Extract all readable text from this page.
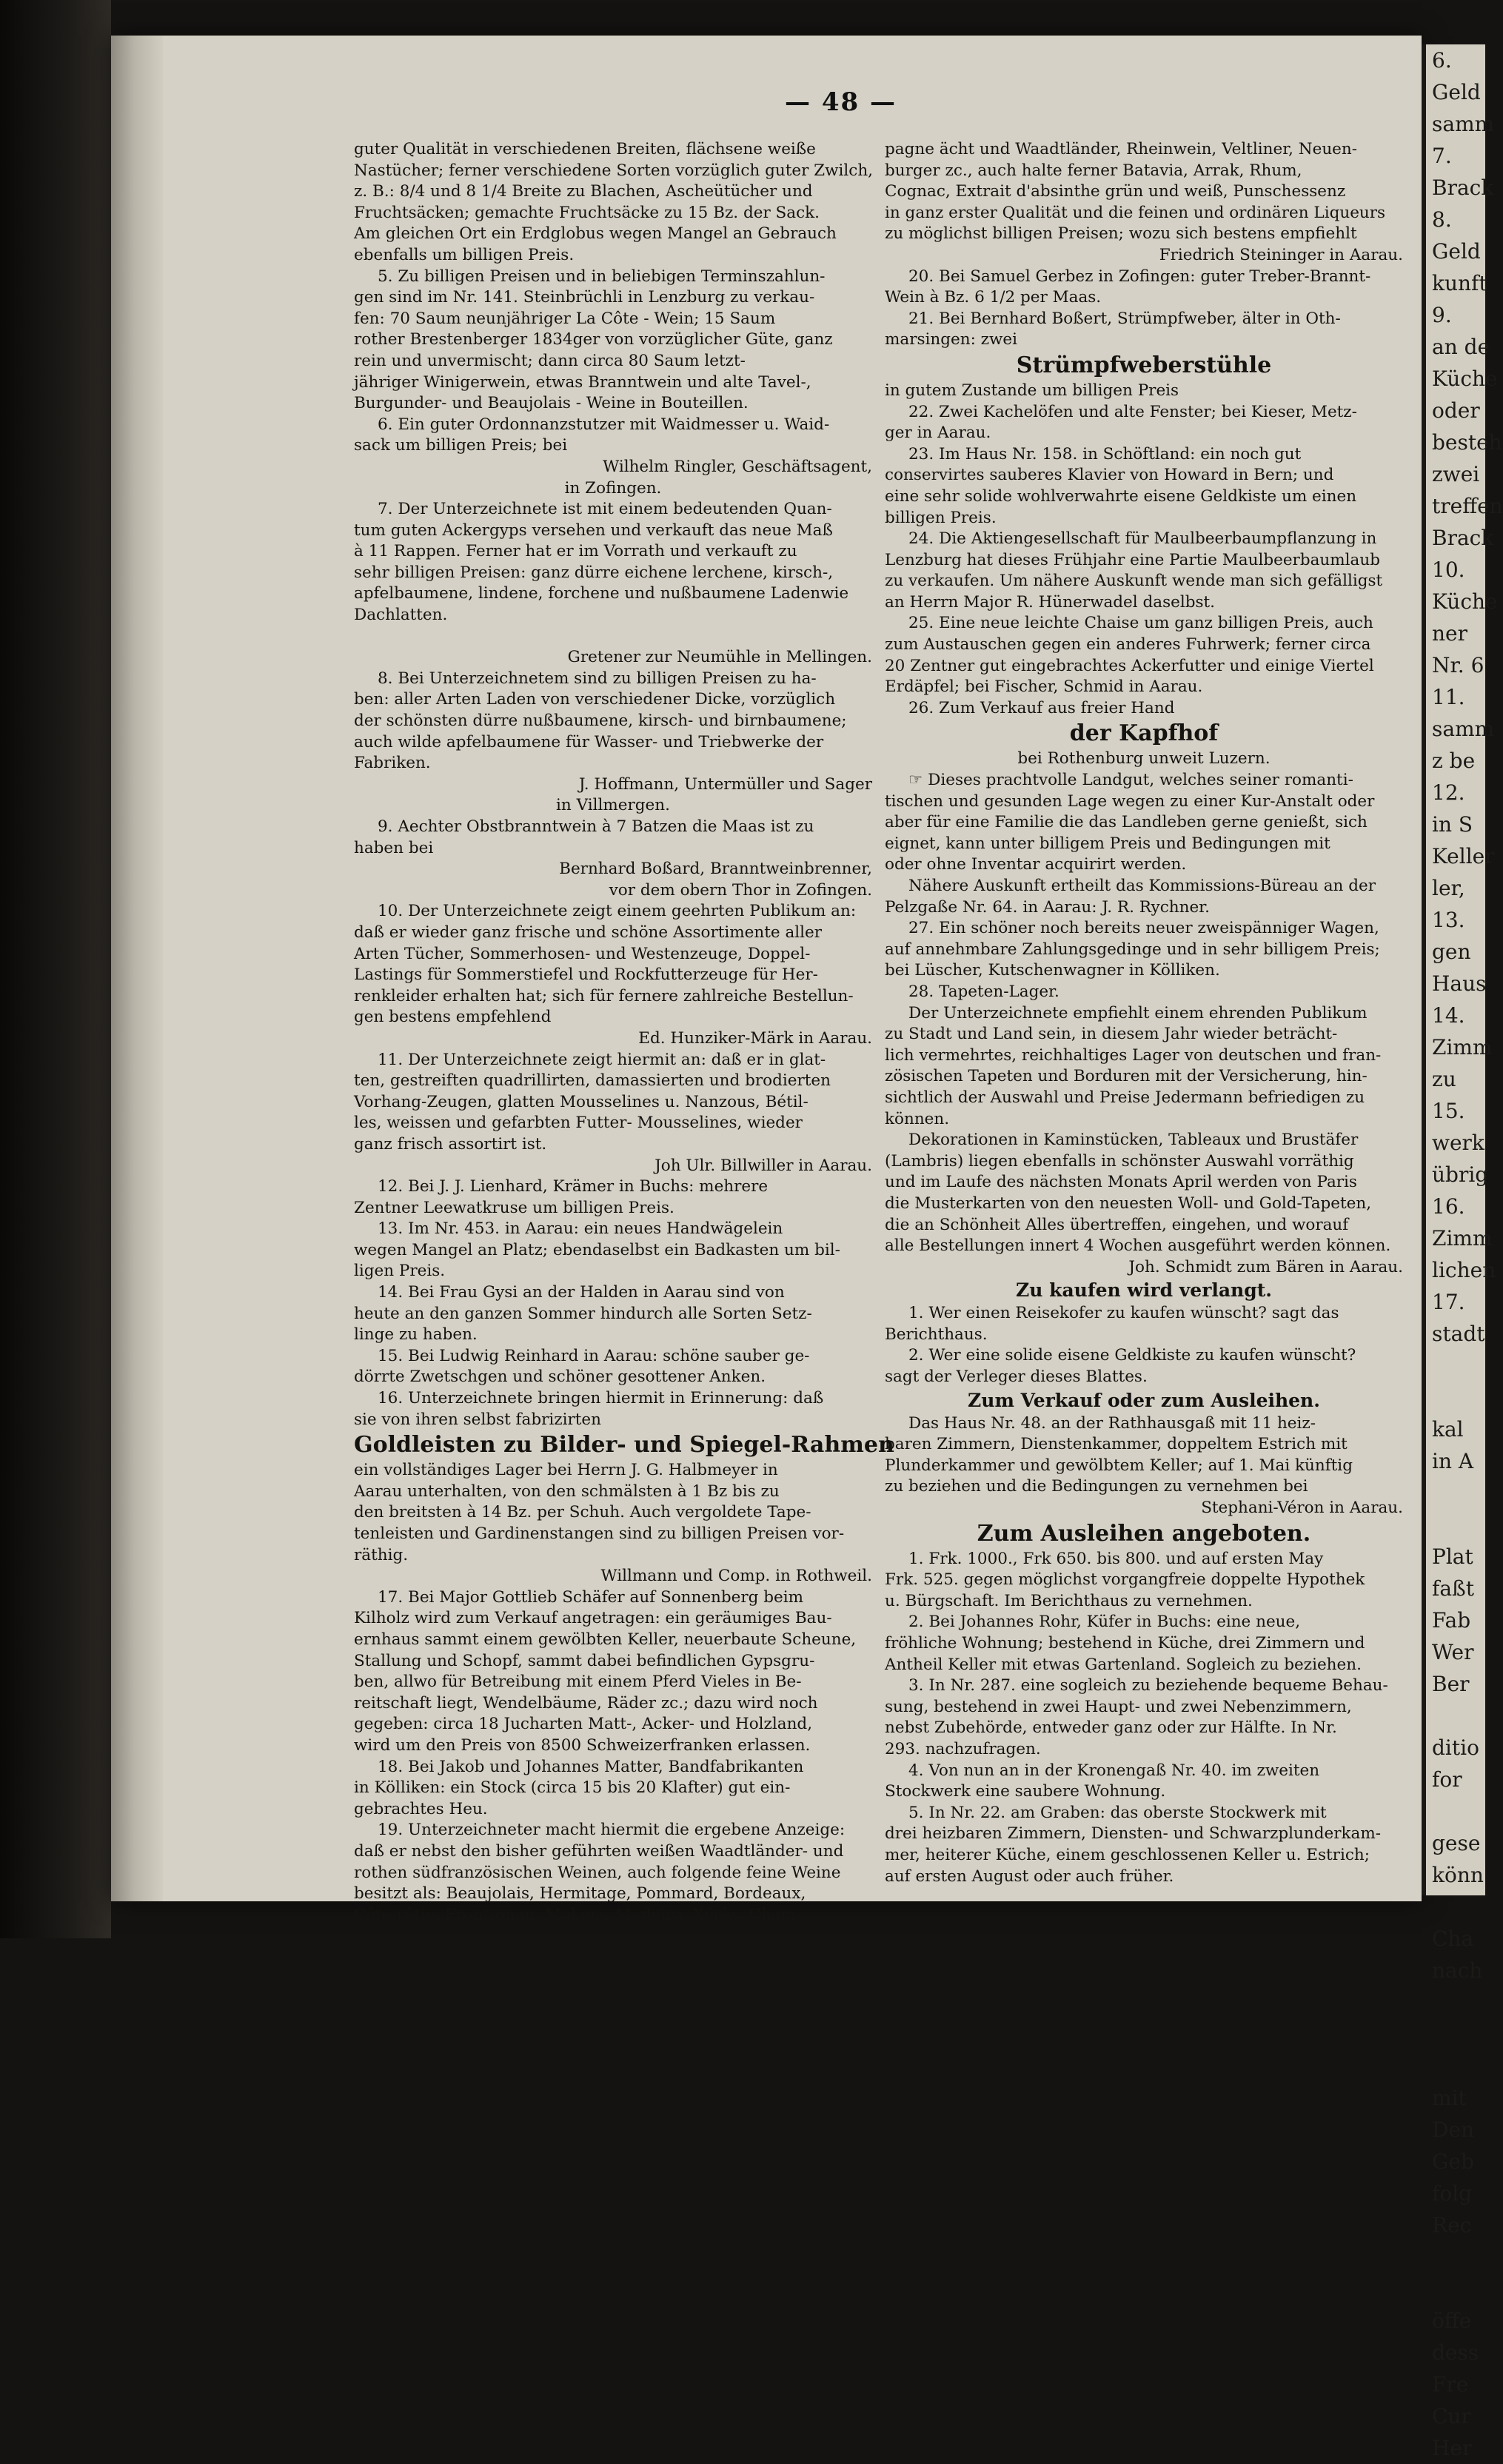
— 48 —
guter Qualität in verschiedenen Breiten, flächsene weiße
Nastücher; ferner verschiedene Sorten vorzüglich guter Zwilch,
z. B.: 8/4 und 8 1/4 Breite zu Blachen, Ascheütücher und
Fruchtsäcken; gemachte Fruchtsäcke zu 15 Bz. der Sack.
Am gleichen Ort ein Erdglobus wegen Mangel an Gebrauch
ebenfalls um billigen Preis.
5. Zu billigen Preisen und in beliebigen Terminszahlun-
gen sind im Nr. 141. Steinbrüchli in Lenzburg zu verkau-
fen: 70 Saum neunjähriger La Côte - Wein; 15 Saum
rother Brestenberger 1834ger von vorzüglicher Güte, ganz
rein und unvermischt; dann circa 80 Saum letzt-
jähriger Winigerwein, etwas Branntwein und alte Tavel-,
Burgunder- und Beaujolais - Weine in Bouteillen.
6. Ein guter Ordonnanzstutzer mit Waidmesser u. Waid-
sack um billigen Preis; bei
Wilhelm Ringler, Geschäftsagent,
in Zofingen.
7. Der Unterzeichnete ist mit einem bedeutenden Quan-
tum guten Ackergyps versehen und verkauft das neue Maß
à 11 Rappen. Ferner hat er im Vorrath und verkauft zu
sehr billigen Preisen: ganz dürre eichene lerchene, kirsch-,
apfelbaumene, lindene, forchene und nußbaumene Ladenwie
Dachlatten.
Gretener zur Neumühle in Mellingen.
8. Bei Unterzeichnetem sind zu billigen Preisen zu ha-
ben: aller Arten Laden von verschiedener Dicke, vorzüglich
der schönsten dürre nußbaumene, kirsch- und birnbaumene;
auch wilde apfelbaumene für Wasser- und Triebwerke der
Fabriken.
J. Hoffmann, Untermüller und Sager
in Villmergen.
9. Aechter Obstbranntwein à 7 Batzen die Maas ist zu
haben bei
Bernhard Boßard, Branntweinbrenner,
vor dem obern Thor in Zofingen.
10. Der Unterzeichnete zeigt einem geehrten Publikum an:
daß er wieder ganz frische und schöne Assortimente aller
Arten Tücher, Sommerhosen- und Westenzeuge, Doppel-
Lastings für Sommerstiefel und Rockfutterzeuge für Her-
renkleider erhalten hat; sich für fernere zahlreiche Bestellun-
gen bestens empfehlend
Ed. Hunziker-Märk in Aarau.
11. Der Unterzeichnete zeigt hiermit an: daß er in glat-
ten, gestreiften quadrillirten, damassierten und brodierten
Vorhang-Zeugen, glatten Mousselines u. Nanzous, Bétil-
les, weissen und gefarbten Futter- Mousselines, wieder
ganz frisch assortirt ist.
Joh Ulr. Billwiller in Aarau.
12. Bei J. J. Lienhard, Krämer in Buchs: mehrere
Zentner Leewatkruse um billigen Preis.
13. Im Nr. 453. in Aarau: ein neues Handwägelein
wegen Mangel an Platz; ebendaselbst ein Badkasten um bil-
ligen Preis.
14. Bei Frau Gysi an der Halden in Aarau sind von
heute an den ganzen Sommer hindurch alle Sorten Setz-
linge zu haben.
15. Bei Ludwig Reinhard in Aarau: schöne sauber ge-
dörrte Zwetschgen und schöner gesottener Anken.
16. Unterzeichnete bringen hiermit in Erinnerung: daß
sie von ihren selbst fabrizirten
Goldleisten zu Bilder- und Spiegel-Rahmen
ein vollständiges Lager bei Herrn J. G. Halbmeyer in
Aarau unterhalten, von den schmälsten à 1 Bz bis zu
den breitsten à 14 Bz. per Schuh. Auch vergoldete Tape-
tenleisten und Gardinenstangen sind zu billigen Preisen vor-
räthig.
Willmann und Comp. in Rothweil.
17. Bei Major Gottlieb Schäfer auf Sonnenberg beim
Kilholz wird zum Verkauf angetragen: ein geräumiges Bau-
ernhaus sammt einem gewölbten Keller, neuerbaute Scheune,
Stallung und Schopf, sammt dabei befindlichen Gypsgru-
ben, allwo für Betreibung mit einem Pferd Vieles in Be-
reitschaft liegt, Wendelbäume, Räder zc.; dazu wird noch
gegeben: circa 18 Jucharten Matt-, Acker- und Holzland,
wird um den Preis von 8500 Schweizerfranken erlassen.
18. Bei Jakob und Johannes Matter, Bandfabrikanten
in Kölliken: ein Stock (circa 15 bis 20 Klafter) gut ein-
gebrachtes Heu.
19. Unterzeichneter macht hiermit die ergebene Anzeige:
daß er nebst den bisher geführten weißen Waadtländer- und
rothen südfranzösischen Weinen, auch folgende feine Weine
besitzt als: Beaujolais, Hermitage, Pommard, Bordeaux,
Côte rôtie, Frontignan, Malaga, Madeira, Xérès, Cham-
pagne ächt und Waadtländer, Rheinwein, Veltliner, Neuen-
burger zc., auch halte ferner Batavia, Arrak, Rhum,
Cognac, Extrait d'absinthe grün und weiß, Punschessenz
in ganz erster Qualität und die feinen und ordinären Liqueurs
zu möglichst billigen Preisen; wozu sich bestens empfiehlt
Friedrich Steininger in Aarau.
20. Bei Samuel Gerbez in Zofingen: guter Treber-Brannt-
Wein à Bz. 6 1/2 per Maas.
21. Bei Bernhard Boßert, Strümpfweber, älter in Oth-
marsingen: zwei
Strümpfweberstühle
in gutem Zustande um billigen Preis
22. Zwei Kachelöfen und alte Fenster; bei Kieser, Metz-
ger in Aarau.
23. Im Haus Nr. 158. in Schöftland: ein noch gut
conservirtes sauberes Klavier von Howard in Bern; und
eine sehr solide wohlverwahrte eisene Geldkiste um einen
billigen Preis.
24. Die Aktiengesellschaft für Maulbeerbaumpflanzung in
Lenzburg hat dieses Frühjahr eine Partie Maulbeerbaumlaub
zu verkaufen. Um nähere Auskunft wende man sich gefälligst
an Herrn Major R. Hünerwadel daselbst.
25. Eine neue leichte Chaise um ganz billigen Preis, auch
zum Austauschen gegen ein anderes Fuhrwerk; ferner circa
20 Zentner gut eingebrachtes Ackerfutter und einige Viertel
Erdäpfel; bei Fischer, Schmid in Aarau.
26. Zum Verkauf aus freier Hand
der Kapfhof
bei Rothenburg unweit Luzern.
☞ Dieses prachtvolle Landgut, welches seiner romanti-
tischen und gesunden Lage wegen zu einer Kur-Anstalt oder
aber für eine Familie die das Landleben gerne genießt, sich
eignet, kann unter billigem Preis und Bedingungen mit
oder ohne Inventar acquirirt werden.
Nähere Auskunft ertheilt das Kommissions-Büreau an der
Pelzgaße Nr. 64. in Aarau: J. R. Rychner.
27. Ein schöner noch bereits neuer zweispänniger Wagen,
auf annehmbare Zahlungsgedinge und in sehr billigem Preis;
bei Lüscher, Kutschenwagner in Kölliken.
28. Tapeten-Lager.
Der Unterzeichnete empfiehlt einem ehrenden Publikum
zu Stadt und Land sein, in diesem Jahr wieder beträcht-
lich vermehrtes, reichhaltiges Lager von deutschen und fran-
zösischen Tapeten und Borduren mit der Versicherung, hin-
sichtlich der Auswahl und Preise Jedermann befriedigen zu
können.
Dekorationen in Kaminstücken, Tableaux und Brustäfer
(Lambris) liegen ebenfalls in schönster Auswahl vorräthig
und im Laufe des nächsten Monats April werden von Paris
die Musterkarten von den neuesten Woll- und Gold-Tapeten,
die an Schönheit Alles übertreffen, eingehen, und worauf
alle Bestellungen innert 4 Wochen ausgeführt werden können.
Joh. Schmidt zum Bären in Aarau.
Zu kaufen wird verlangt.
1. Wer einen Reisekofer zu kaufen wünscht? sagt das
Berichthaus.
2. Wer eine solide eisene Geldkiste zu kaufen wünscht?
sagt der Verleger dieses Blattes.
Zum Verkauf oder zum Ausleihen.
Das Haus Nr. 48. an der Rathhausgaß mit 11 heiz-
baren Zimmern, Dienstenkammer, doppeltem Estrich mit
Plunderkammer und gewölbtem Keller; auf 1. Mai künftig
zu beziehen und die Bedingungen zu vernehmen bei
Stephani-Véron in Aarau.
Zum Ausleihen angeboten.
1. Frk. 1000., Frk 650. bis 800. und auf ersten May
Frk. 525. gegen möglichst vorgangfreie doppelte Hypothek
u. Bürgschaft. Im Berichthaus zu vernehmen.
2. Bei Johannes Rohr, Küfer in Buchs: eine neue,
fröhliche Wohnung; bestehend in Küche, drei Zimmern und
Antheil Keller mit etwas Gartenland. Sogleich zu beziehen.
3. In Nr. 287. eine sogleich zu beziehende bequeme Behau-
sung, bestehend in zwei Haupt- und zwei Nebenzimmern,
nebst Zubehörde, entweder ganz oder zur Hälfte. In Nr.
293. nachzufragen.
4. Von nun an in der Kronengaß Nr. 40. im zweiten
Stockwerk eine saubere Wohnung.
5. In Nr. 22. am Graben: das oberste Stockwerk mit
drei heizbaren Zimmern, Diensten- und Schwarzplunderkam-
mer, heiterer Küche, einem geschlossenen Keller u. Estrich;
auf ersten August oder auch früher.
6.
Geld
samm
7.
Brack
8.
Geld
kunft
9.
an de
Küche
oder
besteh
zwei
treffen
Brack
10.
Küche
ner
Nr. 6
11.
samm
z be
12.
in S
Keller
ler,
13.
gen
Haus
14.
Zimm
zu
15.
werk
übrig
16.
Zimm
lichen
17.
stadt

kal
in A

Plat
faßt
Fab
Wer
Ber

ditio
for

gese
könn

Cha
nach

mit
Den
Geb
folg
Rec

öffe
dess
Fre
Cur
Her
